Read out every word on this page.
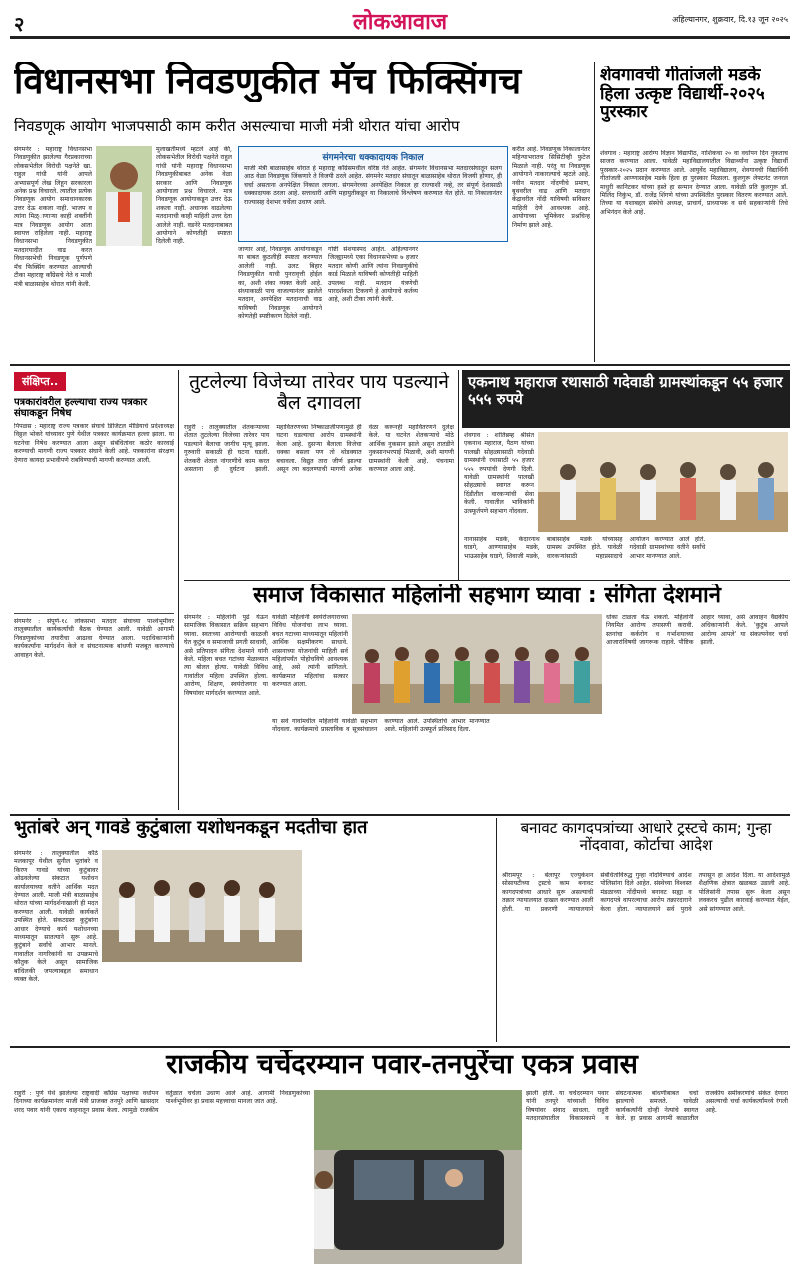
२	लोकआवाज	अहिल्यानगर, शुक्रवार, दि.१३ जून २०२५
विधानसभा निवडणुकीत मॅच फिक्सिंगच
निवडणूक आयोग भाजपसाठी काम करीत असल्याचा माजी मंत्री थोरात यांचा आरोप
संगमनेर : महाराष्ट्र विधानसभा निवडणुकीत झालेल्या गैरप्रकाराच्या लोकसभेतील विरोधी पक्षनेते खा. राहुल गांधी यांनी आपले अभ्यासपूर्ण लेख लिहून सरकारला अनेक प्रश्न विचारले. त्यातील प्रत्येक निवडणूक आयोग समाधानकारक उत्तर देऊ शकला नाही. भाजप व त्यांना मिळ्ाणाऱ्या काही शक्तींनी मात्र निवडणूक आयोग आता स्वायत्त राहिलेला नाही. महाराष्ट्र विधानसभा निवडणुकीत मतदारयादीत वाढ करत विधानसभेची निवडणूक पूर्णपणे मॅच फिक्सिंग करण्यात आल्याची टीका महाराष्ट्र काँग्रेसचे नेते व माजी मंत्री बाळासाहेब थोरात यांनी केली.
मुलाखतीमध्ये म्हटले आहे की, लोकसभेतील विरोधी पक्षनेते राहुल गांधी यांनी महाराष्ट्र विधानसभा निवडणुकीबाबत अनेक वेळा सरकार आणि निवडणूक आयोगाला प्रश्न विचारले. मात्र निवडणूक आयोगाकडून उत्तर देऊ शकला नाही. अचानक वाढलेल्या मतदानाची काही माहिती उत्तर देता आलेले नाही. वडनेरे मतदानाबाबत आयोगाने कोणतीही स्पष्टता दिलेली नाही.
संगमनेरचा धक्कादायक निकाल
माजी मंत्री बाळासाहेब थोरात हे महाराष्ट्र काँग्रेसमधील वरिष्ठ नेते आहेत. संगमनेर विधानसभा मतदारसंघातून सलग आठ वेळा निवडणूक जिंकणारे ते विजयी ठरले आहेत. संगमनेर मतदार संघातून बाळासाहेब थोरात विजयी होणार, ही चर्चा असताना अनपेक्षित निकाल लागला. संगमनेरच्या अनपेक्षित निकाल हा राज्याशी नव्हे, तर संपूर्ण देशासाठी धक्कादायक ठरला आहे. सत्ताधारी आणि महायुतीकडून या निकालाचे विश्लेषण करण्यात येत होते. या निकालानंतर राज्यासह देशभर चर्चेला उधाण आले.
जाणार आहे, निवडणूक आयोगाकडून या बाबत कुठलीही स्पष्टता करण्यात आलेली नाही. उलट बिहार निवडणुकीत याची पुनरावृत्ती होईल का, अशी शंका व्यक्त केली आहे. संध्याकाळी पाच वाजल्यानंतर झालेले मतदान, अनपेक्षित मतदानाची वाढ याविषयी निवडणूक आयोगाने कोणतेही स्पष्टीकरण दिलेले नाही.
गोष्टी संशयास्पद आहेत. अहिल्यानगर जिल्ह्यामध्ये एका विधानसभेच्या ७ हजार मतदार कोणी आणि त्यांना निवडणुकीचे कार्ड मिळाले याविषयी कोणतीही माहिती उपलब्ध नाही. मतदान यंत्रणेची पारदर्शकता टिकवणे हे आयोगाचे कर्तव्य आहे, अशी टीका त्यांनी केली.
करीत आहे. निवडणूक निकालानंतर महिन्याभरातच सिसिटीव्ही फुटेज मिळाले नाही. परंतु या निवडणूक आयोगाने नाकारल्याचे म्हटले आहे. नवीन मतदार नोंदणीचे प्रमाण, बूथवरील वाढ आणि मतदान केंद्रावरील नोंदी याविषयी सविस्तर माहिती देणे आवश्यक आहे. आयोगाच्या भूमिकेवर प्रश्नचिन्ह निर्माण झाले आहे.
शेवगावची गीतांजली मडके हिला उत्कृष्ट विद्यार्थी-२०२५ पुरस्कार
शेवगाव : महाराष्ट्र आरोग्य विज्ञान विद्यापीठ, नाशिकचा २० वा वर्धापन दिन नुकताच साजरा करण्यात आला. यावेळी महाविद्यालयातील विद्यार्थ्यांना उत्कृष्ट विद्यार्थी पुरस्कार-२०२५ प्रदान करण्यात आले. आयुर्वेद महाविद्यालय, शेवगावची विद्यार्थिनी गीतांजली आण्णासाहेब मडके हिला हा पुरस्कार मिळाला. कुलगुरू लेफ्टनंट जनरल माधुरी कानिटकर यांच्या हस्ते हा सन्मान देण्यात आला. यावेळी प्रति कुलगुरू डॉ. मिलिंद निकुंभ, डॉ. राजेंद्र शिंगणे यांच्या उपस्थितीत पुरस्कार वितरण करण्यात आले. तिच्या या यशाबद्दल संस्थेचे अध्यक्ष, प्राचार्य, प्राध्यापक व सर्व सहकाऱ्यांनी तिचे अभिनंदन केले आहे.
संक्षिप्त..
पत्रकारांवरील हल्ल्याचा राज्य पत्रकार संघाकडून निषेध
पिंपळस : महाराष्ट्र राज्य पत्रकार संघाचे डिजिटल मीडियाचे प्रदेशाध्यक्ष विठ्ठल भोकरे यांच्यावर पुणे येथील पत्रकार कार्यक्रमात हल्ला झाला. या घटनेचा निषेध करण्यात आला असून संबंधितांवर कठोर कारवाई करण्याची मागणी राज्य पत्रकार संघाने केली आहे. पत्रकारांना संरक्षण देणारा कायदा प्रभावीपणे राबविण्याची मागणी करण्यात आली.
संगमनेर : संपूर्ण-१८ लोकसभा मतदार संघाच्या पार्श्वभूमीवर तालुक्यातील कार्यकर्त्यांची बैठक घेण्यात आली. यावेळी आगामी निवडणुकांच्या तयारीचा आढावा घेण्यात आला. पदाधिकाऱ्यांनी कार्यकर्त्यांना मार्गदर्शन केले व संघटनात्मक बांधणी मजबूत करण्याचे आवाहन केले.
तुटलेल्या विजेच्या तारेवर पाय पडल्याने बैल दगावला
राहुरी : तालुक्यातील शेतकऱ्याच्या शेतात तुटलेल्या विजेच्या तारेवर पाय पडल्याने बैलाचा जागीच मृत्यू झाला. गुरुवारी सकाळी ही घटना घडली. शेतकरी शेतात नांगरणीचे काम करत असताना ही दुर्घटना झाली. महावितरणच्या निष्काळजीपणामुळे ही घटना घडल्याचा आरोप ग्रामस्थांनी केला आहे. दुसऱ्या बैलाला विजेचा धक्का बसला पण तो थोडक्यात बचावला. विद्युत तारा जीर्ण झाल्या असून त्या बदलण्याची मागणी अनेक वेळा करूनही महावितरणने दुर्लक्ष केले. या घटनेत शेतकऱ्याचे मोठे आर्थिक नुकसान झाले असून तातडीने नुकसानभरपाई मिळावी, अशी मागणी ग्रामस्थांनी केली आहे. पंचनामा करण्यात आला आहे.
एकनाथ महाराज रथासाठी गदेवाडी ग्रामस्थांकडून ५५ हजार ५५५ रुपये
शेवगाव : शांतिब्रम्ह श्रीसंत एकनाथ महाराज, पैठण यांच्या पालखी सोहळ्यासाठी गदेवाडी ग्रामस्थांनी रथासाठी ५५ हजार ५५५ रुपयांची देणगी दिली. यावेळी ग्रामस्थांनी पालखी सोहळ्याचे स्वागत करून दिंडीतील वारकऱ्यांची सेवा केली. गावातील भाविकांनी उत्स्फूर्तपणे सहभाग नोंदवला.
नानासाहेब मडके, केदारनाथ घाडगे, आण्णासाहेब मडके, भाऊसाहेब घाडगे, शिवाजी मडके, बाबासाहेब मडके यांच्यासह ग्रामस्थ उपस्थित होते. यावेळी वारकऱ्यांसाठी महाप्रसादाचे आयोजन करण्यात आले होते. गदेवाडी ग्रामस्थांच्या वतीने सर्वांचे आभार मानण्यात आले.
समाज विकासात महिलांनी सहभाग घ्यावा : संगिता देशमाने
संगमनेर : महिलांनी पुढे येऊन सामाजिक विकासात सक्रिय सहभाग घ्यावा. स्वतःच्या आरोग्याची काळजी घेत कुटुंब व समाजाची प्रगती साधावी, असे प्रतिपादन संगिता देशमाने यांनी केले. महिला बचत गटांच्या मेळाव्यात त्या बोलत होत्या. यावेळी विविध गावांतील महिला उपस्थित होत्या. आरोग्य, शिक्षण, स्वयंरोजगार या विषयांवर मार्गदर्शन करण्यात आले.
यावेळी महिलांनी स्वयंरोजगाराच्या विविध योजनांचा लाभ घ्यावा. बचत गटाच्या माध्यमातून महिलांनी आर्थिक सक्षमीकरण साधावे. शासनाच्या योजनांची माहिती सर्व महिलांपर्यंत पोहोचविणे आवश्यक आहे, असे त्यांनी सांगितले. कार्यक्रमात महिलांचा सत्कार करण्यात आला.
धोका टाळता येऊ शकतो. महिलांनी नियमित आरोग्य तपासणी करावी. स्तनांचा कर्करोग व गर्भाशयाच्या आजारांविषयी जागरूक राहावे. पौष्टिक आहार घ्यावा, असे आवाहन वैद्यकीय अधिकाऱ्यांनी केले. 'कुटुंब आपले आरोग्य आपले' या संकल्पनेवर चर्चा झाली.
या सर्व गावांमधील महिलांनी यावेळी सहभाग नोंदवला. कार्यक्रमाचे प्रास्ताविक व सूत्रसंचालन करण्यात आले. उपस्थितांचे आभार मानण्यात आले. महिलांनी उत्स्फूर्त प्रतिसाद दिला.
भुतांबरे अन् गावडे कुटुंबाला यशोधनकडून मदतीचा हात
संगमनेर : तालुक्यातील कौठे मलकापूर येथील सुनील भुतांबरे व किरण गावडे यांच्या कुटुंबावर ओढवलेल्या संकटात यशोधन कार्यालयाच्या वतीने आर्थिक मदत देण्यात आली. माजी मंत्री बाळासाहेब थोरात यांच्या मार्गदर्शनाखाली ही मदत करण्यात आली. यावेळी कार्यकर्ते उपस्थित होते. संकटग्रस्त कुटुंबांना आधार देण्याचे कार्य यशोधनच्या माध्यमातून सातत्याने सुरू आहे. कुटुंबाने सर्वांचे आभार मानले. गावातील नागरिकांनी या उपक्रमाचे कौतुक केले असून सामाजिक बांधिलकी जपल्याबद्दल समाधान व्यक्त केले.
बनावट कागदपत्रांच्या आधारे ट्रस्टचे काम; गुन्हा नोंदवावा, कोर्टाचा आदेश
श्रीरामपूर : बेलापूर एज्युकेशन सोसायटीच्या ट्रस्टचे काम बनावट कागदपत्रांच्या आधारे सुरू असल्याची तक्रार न्यायालयात दाखल करण्यात आली होती. या प्रकरणी न्यायालयाने संबंधितांविरुद्ध गुन्हा नोंदविण्याचे आदेश पोलिसांना दिले आहेत. संस्थेच्या विश्वस्त मंडळाच्या नोंदीमध्ये बनावट सह्या व कागदपत्रे वापरल्याचा आरोप तक्रारदाराने केला होता. न्यायालयाने सर्व पुरावे तपासून हा आदेश दिला. या आदेशामुळे शैक्षणिक क्षेत्रात खळबळ उडाली आहे. पोलिसांनी तपास सुरू केला असून लवकरच पुढील कारवाई करण्यात येईल, असे सांगण्यात आले.
राजकीय चर्चेदरम्यान पवार-तनपुरेंचा एकत्र प्रवास
राहुरी : पुणे येथे झालेल्या राष्ट्रवादी काँग्रेस पक्षाच्या वर्धापन दिनाच्या कार्यक्रमानंतर माजी मंत्री प्राजक्त तनपुरे आणि खासदार शरद पवार यांनी एकाच वाहनातून प्रवास केला. त्यामुळे राजकीय वर्तुळात चर्चेला उधाण आले आहे. आगामी निवडणुकांच्या पार्श्वभूमीवर हा प्रवास महत्त्वाचा मानला जात आहे.
झाली होती. या चर्चेदरम्यान पवार यांनी तनपुरे यांच्याशी विविध विषयांवर संवाद साधला. राहुरी मतदारसंघातील विकासकामे व संघटनात्मक बांधणीबाबत चर्चा झाल्याचे समजते. यावेळी कार्यकर्त्यांनी दोन्ही नेत्यांचे स्वागत केले. हा प्रवास आगामी काळातील राजकीय समीकरणांचे संकेत देणारा असल्याची चर्चा कार्यकर्त्यांमध्ये रंगली आहे.
